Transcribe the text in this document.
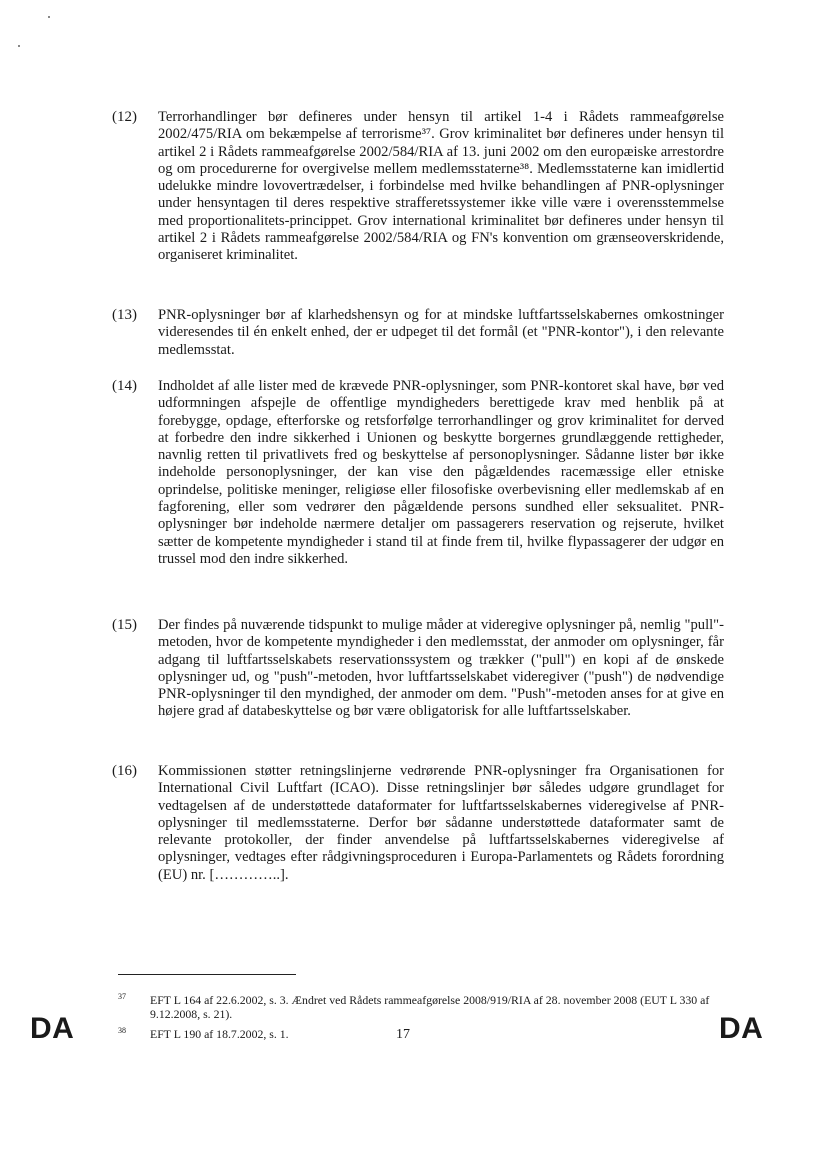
(12) Terrorhandlinger bør defineres under hensyn til artikel 1-4 i Rådets rammeafgørelse 2002/475/RIA om bekæmpelse af terrorisme³⁷. Grov kriminalitet bør defineres under hensyn til artikel 2 i Rådets rammeafgørelse 2002/584/RIA af 13. juni 2002 om den europæiske arrestordre og om procedurerne for overgivelse mellem medlemsstaterne³⁸. Medlemsstaterne kan imidlertid udelukke mindre lovovertrædelser, i forbindelse med hvilke behandlingen af PNR-oplysninger under hensyntagen til deres respektive strafferetssystemer ikke ville være i overensstemmelse med proportionalitets-princippet. Grov international kriminalitet bør defineres under hensyn til artikel 2 i Rådets rammeafgørelse 2002/584/RIA og FN's konvention om grænseoverskridende, organiseret kriminalitet.

(13) PNR-oplysninger bør af klarhedshensyn og for at mindske luftfartsselskabernes omkostninger videresendes til én enkelt enhed, der er udpeget til det formål (et "PNR-kontor"), i den relevante medlemsstat.

(14) Indholdet af alle lister med de krævede PNR-oplysninger, som PNR-kontoret skal have, bør ved udformningen afspejle de offentlige myndigheders berettigede krav med henblik på at forebygge, opdage, efterforske og retsforfølge terrorhandlinger og grov kriminalitet for derved at forbedre den indre sikkerhed i Unionen og beskytte borgernes grundlæggende rettigheder, navnlig retten til privatlivets fred og beskyttelse af personoplysninger. Sådanne lister bør ikke indeholde personoplysninger, der kan vise den pågældendes racemæssige eller etniske oprindelse, politiske meninger, religiøse eller filosofiske overbevisning eller medlemskab af en fagforening, eller som vedrører den pågældende persons sundhed eller seksualitet. PNR-oplysninger bør indeholde nærmere detaljer om passagerers reservation og rejserute, hvilket sætter de kompetente myndigheder i stand til at finde frem til, hvilke flypassagerer der udgør en trussel mod den indre sikkerhed.

(15) Der findes på nuværende tidspunkt to mulige måder at videregive oplysninger på, nemlig "pull"-metoden, hvor de kompetente myndigheder i den medlemsstat, der anmoder om oplysninger, får adgang til luftfartsselskabets reservationssystem og trækker ("pull") en kopi af de ønskede oplysninger ud, og "push"-metoden, hvor luftfartsselskabet videregiver ("push") de nødvendige PNR-oplysninger til den myndighed, der anmoder om dem. "Push"-metoden anses for at give en højere grad af databeskyttelse og bør være obligatorisk for alle luftfartsselskaber.

(16) Kommissionen støtter retningslinjerne vedrørende PNR-oplysninger fra Organisationen for International Civil Luftfart (ICAO). Disse retningslinjer bør således udgøre grundlaget for vedtagelsen af de understøttede dataformater for luftfartsselskabernes videregivelse af PNR-oplysninger til medlemsstaterne. Derfor bør sådanne understøttede dataformater samt de relevante protokoller, der finder anvendelse på luftfartsselskabernes videregivelse af oplysninger, vedtages efter rådgivningsproceduren i Europa-Parlamentets og Rådets forordning (EU) nr. […………..].

37 EFT L 164 af 22.6.2002, s. 3. Ændret ved Rådets rammeafgørelse 2008/919/RIA af 28. november 2008 (EUT L 330 af 9.12.2008, s. 21).
38 EFT L 190 af 18.7.2002, s. 1.
DA	17	DA
